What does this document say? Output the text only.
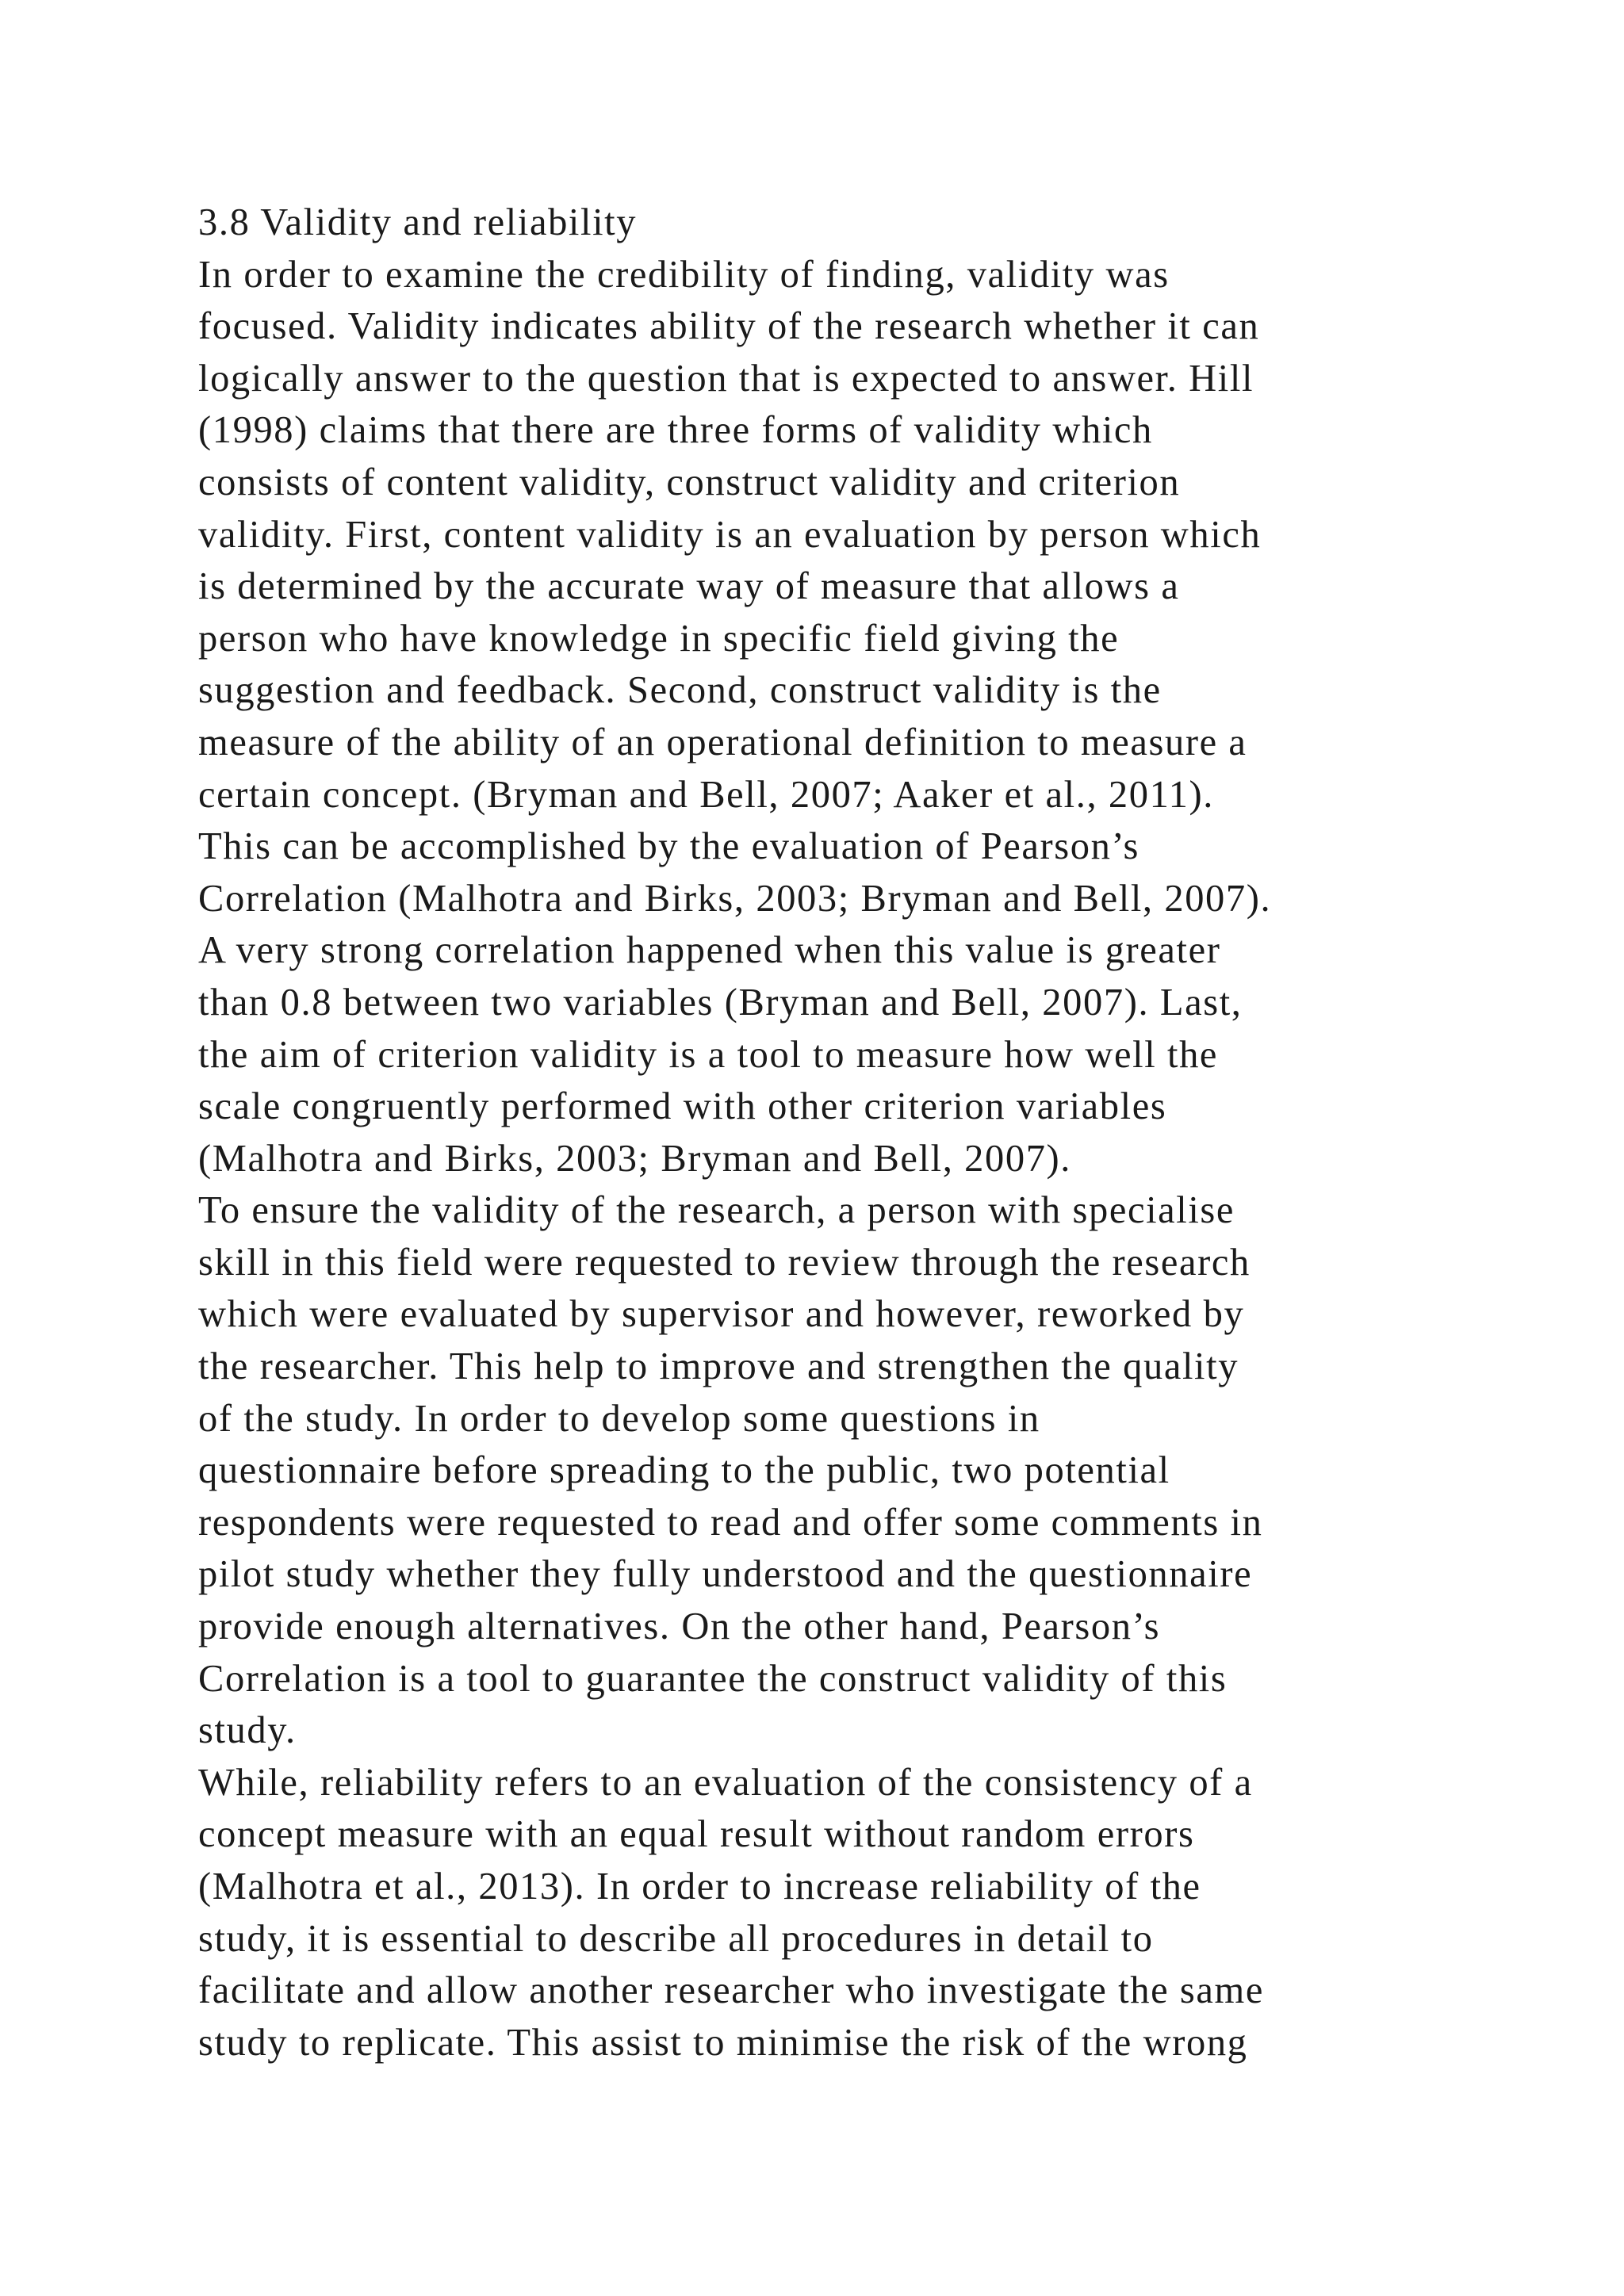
3.8 Validity and reliability
In order to examine the credibility of finding, validity was
focused. Validity indicates ability of the research whether it can
logically answer to the question that is expected to answer. Hill
(1998) claims that there are three forms of validity which
consists of content validity, construct validity and criterion
validity. First, content validity is an evaluation by person which
is determined by the accurate way of measure that allows a
person who have knowledge in specific field giving the
suggestion and feedback. Second, construct validity is the
measure of the ability of an operational definition to measure a
certain concept. (Bryman and Bell, 2007; Aaker et al., 2011).
This can be accomplished by the evaluation of Pearson’s
Correlation (Malhotra and Birks, 2003; Bryman and Bell, 2007).
A very strong correlation happened when this value is greater
than 0.8 between two variables (Bryman and Bell, 2007). Last,
the aim of criterion validity is a tool to measure how well the
scale congruently performed with other criterion variables
(Malhotra and Birks, 2003; Bryman and Bell, 2007).
To ensure the validity of the research, a person with specialise
skill in this field were requested to review through the research
which were evaluated by supervisor and however, reworked by
the researcher. This help to improve and strengthen the quality
of the study. In order to develop some questions in
questionnaire before spreading to the public, two potential
respondents were requested to read and offer some comments in
pilot study whether they fully understood and the questionnaire
provide enough alternatives. On the other hand, Pearson’s
Correlation is a tool to guarantee the construct validity of this
study.
While, reliability refers to an evaluation of the consistency of a
concept measure with an equal result without random errors
(Malhotra et al., 2013). In order to increase reliability of the
study, it is essential to describe all procedures in detail to
facilitate and allow another researcher who investigate the same
study to replicate. This assist to minimise the risk of the wrong
